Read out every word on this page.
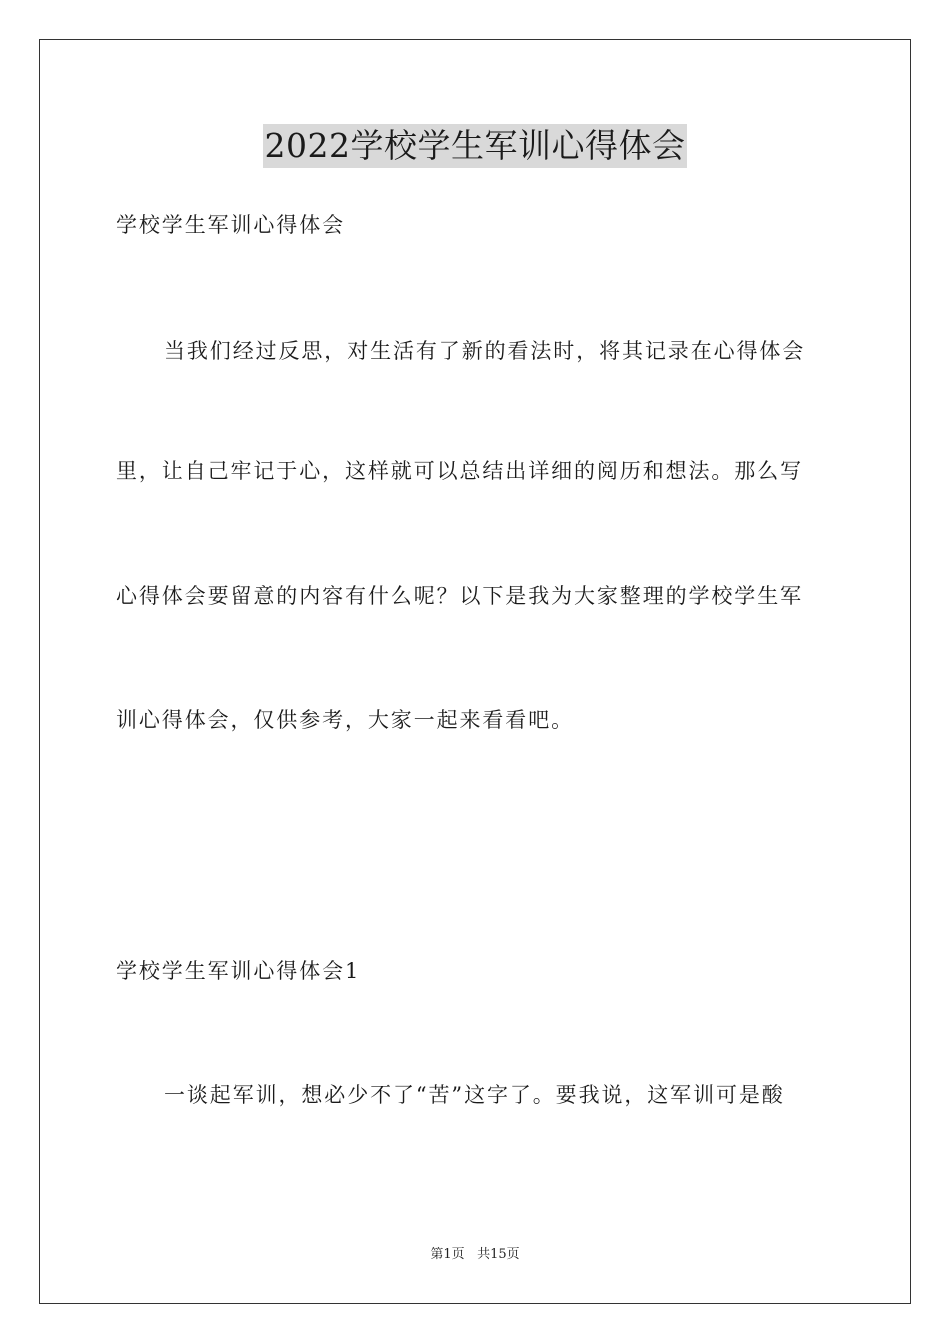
2022学校学生军训心得体会
学校学生军训心得体会
当我们经过反思，对生活有了新的看法时，将其记录在心得体会
里，让自己牢记于心，这样就可以总结出详细的阅历和想法。那么写
心得体会要留意的内容有什么呢？以下是我为大家整理的学校学生军
训心得体会，仅供参考，大家一起来看看吧。
学校学生军训心得体会1
一谈起军训，想必少不了“苦”这字了。要我说，这军训可是酸
第1页 共15页
